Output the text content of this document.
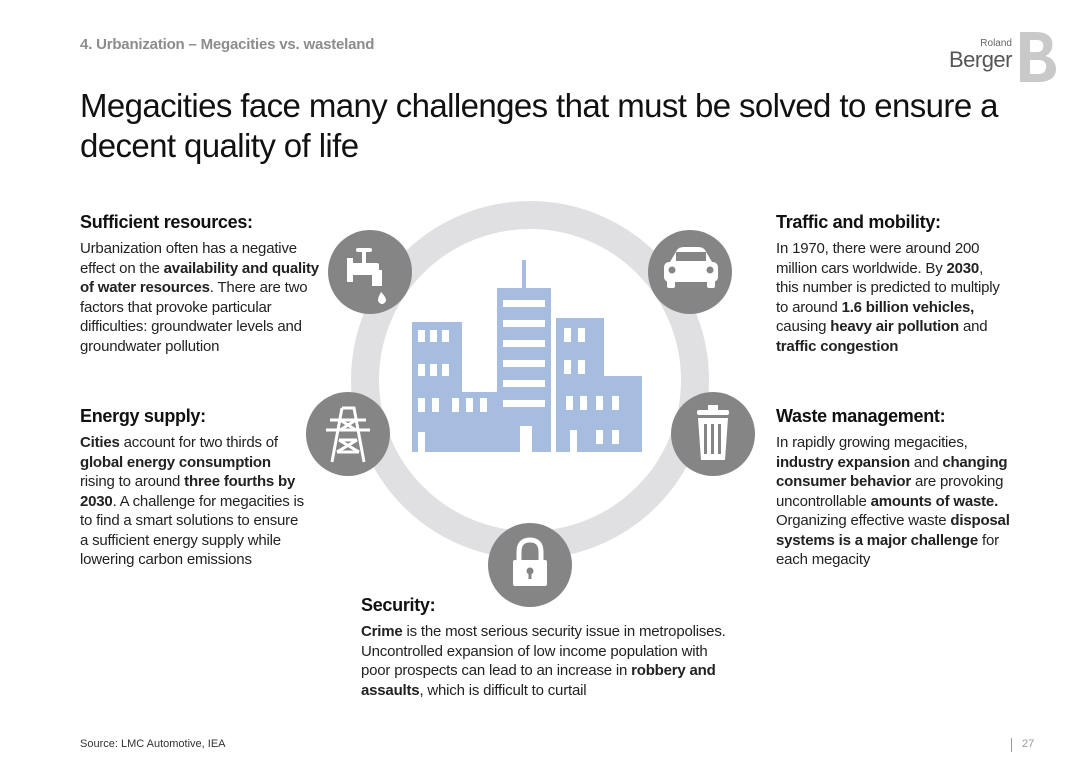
4. Urbanization – Megacities vs. wasteland	Roland
Berger
Megacities face many challenges that must be solved to ensure a decent quality of life
Sufficient resources:

Urbanization often has a negative effect on the availability and quality of water resources. There are two factors that provoke particular difficulties: groundwater levels and groundwater pollution

Traffic and mobility:

In 1970, there were around 200 million cars worldwide. By 2030, this number is predicted to multiply to around 1.6 billion vehicles, causing heavy air pollution and traffic congestion

Energy supply:

Cities account for two thirds of global energy consumption rising to around three fourths by 2030. A challenge for megacities is to find a smart solutions to ensure a sufficient energy supply while lowering carbon emissions

Waste management:

In rapidly growing megacities, industry expansion and changing consumer behavior are provoking uncontrollable amounts of waste. Organizing effective waste disposal systems is a major challenge for each megacity

Security:

Crime is the most serious security issue in metropolises. Uncontrolled expansion of low income population with poor prospects can lead to an increase in robbery and assaults, which is difficult to curtail

Source: LMC Automotive, IEA	27
